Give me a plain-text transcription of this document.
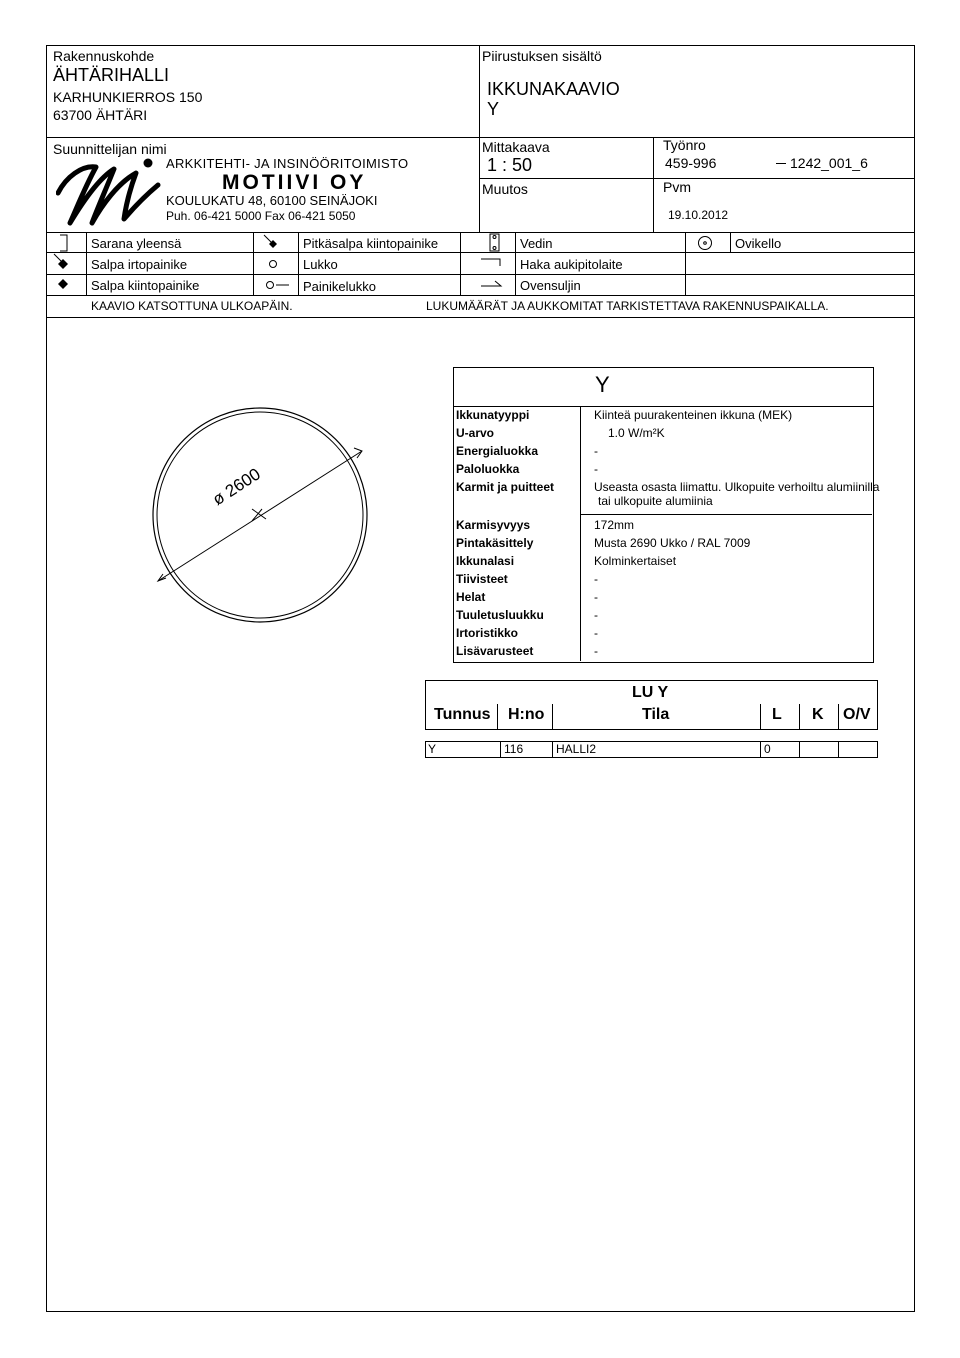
Rakennuskohde
ÄHTÄRIHALLI
KARHUNKIERROS 150
63700 ÄHTÄRI
Piirustuksen sisältö
IKKUNAKAAVIO
Y
Suunnittelijan nimi
ARKKITEHTI- JA INSINÖÖRITOIMISTO
MOTIIVI OY
KOULUKATU 48, 60100 SEINÄJOKI
Puh. 06-421 5000 Fax 06-421 5050
Mittakaava
1 : 50
Muutos
Työnro
459-996	1242_001_6
Pvm
19.10.2012
Sarana yleensä	Pitkäsalpa kiintopainike	Vedin	Ovikello
Salpa irtopainike	Lukko	Haka aukipitolaite
Salpa kiintopainike	Painikelukko	Ovensuljin
KAAVIO KATSOTTUNA ULKOAPÄIN.	LUKUMÄÄRÄT JA AUKKOMITAT TARKISTETTAVA RAKENNUSPAIKALLA.
ø 2600
Y
Ikkunatyyppi	Kiinteä puurakenteinen ikkuna (MEK)
U-arvo	1.0 W/m²K
Energialuokka	-
Paloluokka	-
Karmit ja puitteet	Useasta osasta liimattu. Ulkopuite verhoiltu alumiinilla
tai ulkopuite alumiinia
Karmisyvyys	172mm
Pintakäsittely	Musta 2690 Ukko / RAL 7009
Ikkunalasi	Kolminkertaiset
Tiivisteet	-
Helat	-
Tuuletusluukku	-
Irtoristikko	-
Lisävarusteet	-
LU Y
Tunnus H:no	Tila	L K O/V
Y	116	HALLI2	0
